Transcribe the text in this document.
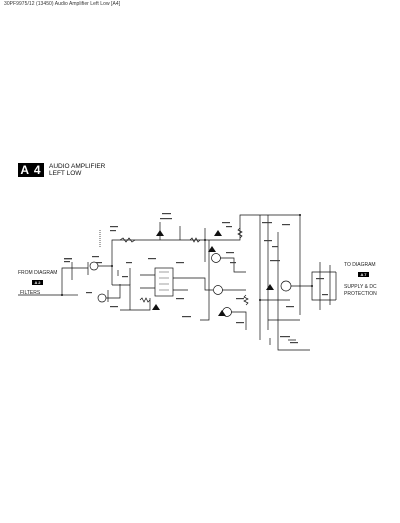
30PF9975/12 (13450) Audio Amplifier Left Low [A4]
A 4	AUDIO AMPLIFIER
LEFT LOW
FROM DIAGRAM
A 2
FILTERS
TO DIAGRAM
A 7
SUPPLY & DC
PROTECTION
